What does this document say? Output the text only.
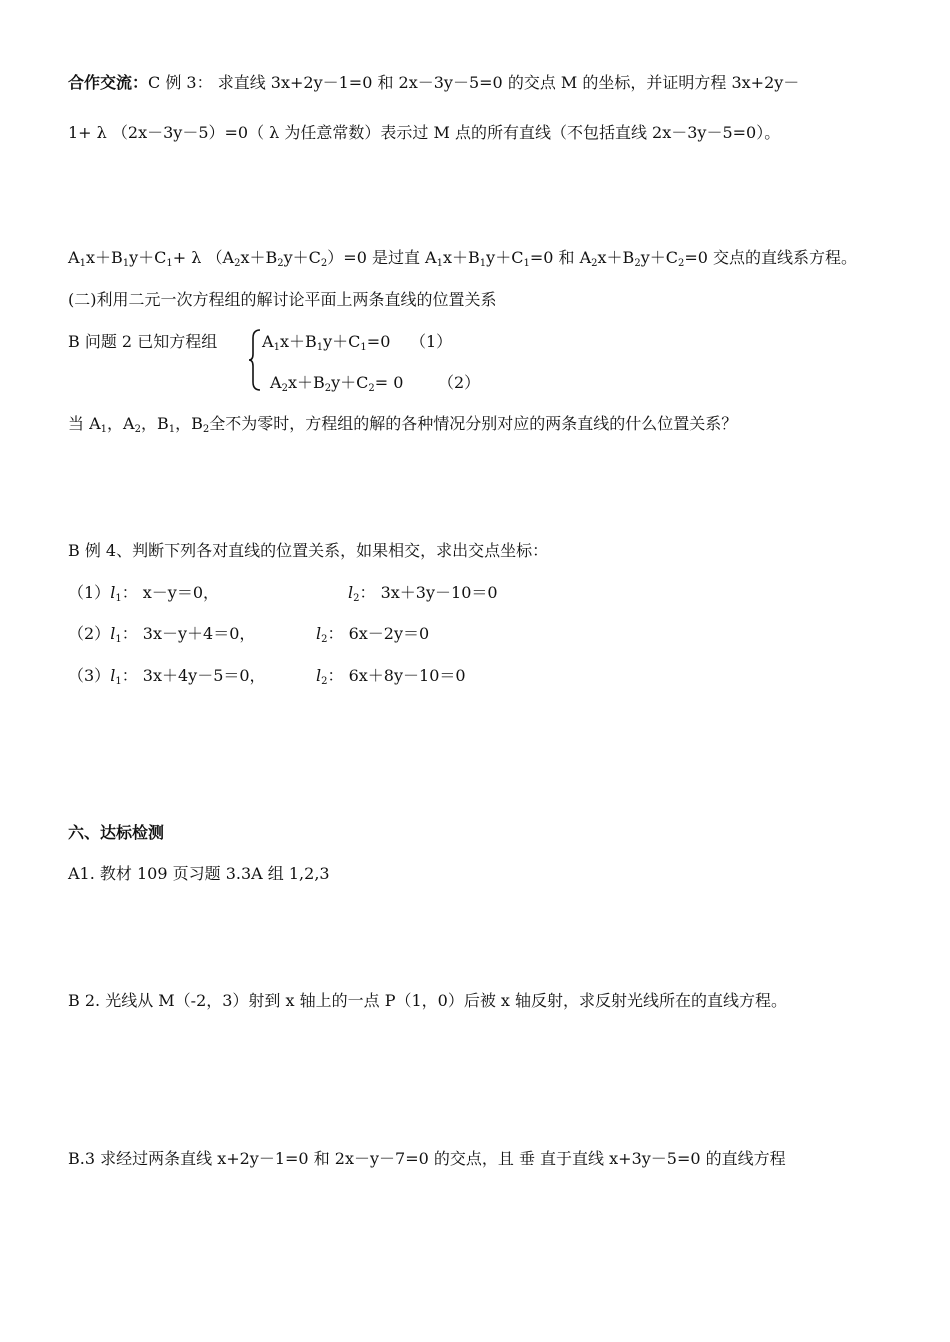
合作交流：C 例 3： 求直线 3x+2y－1=0 和 2x－3y－5=0 的交点 M 的坐标，并证明方程 3x+2y－
1+ λ （2x－3y－5）=0（ λ 为任意常数）表示过 M 点的所有直线（不包括直线 2x－3y－5=0）。
$A_1x+B_1y+C_1+ \lambda$ $(A_2x+B_2y+C_2)=0$ 是过直 $A_1x+B_1y+C_1=0$ 和 $A_2x+B_2y+C_2=0$ 交点的直线系方程。
(二)利用二元一次方程组的解讨论平面上两条直线的位置关系
B 问题 2 已知方程组	$A_1x+B_1y+C_1=0$ （1）
$A_2x+B_2y+C_2= 0$ （2）
当 $A_1$，$A_2$，$B_1$，$B_2$全不为零时，方程组的解的各种情况分别对应的两条直线的什么位置关系？
B 例 4、判断下列各对直线的位置关系，如果相交，求出交点坐标：
$(1)l_1$： x－y＝0，	$l_2$： 3x＋3y－10＝0
$(2)l_1$： 3x－y＋4＝0，	$l_2$： 6x－2y＝0
$(3)l_1$： 3x＋4y－5＝0，	$l_2$： 6x＋8y－10＝0
六、达标检测
A1. 教材 109 页习题 3.3A 组 1,2,3
B 2. 光线从 M（-2，3）射到 x 轴上的一点 P（1，0）后被 x 轴反射，求反射光线所在的直线方程。
B.3 求经过两条直线 x+2y－1=0 和 2x－y－7=0 的交点，且 垂 直于直线 x+3y－5=0 的直线方程
